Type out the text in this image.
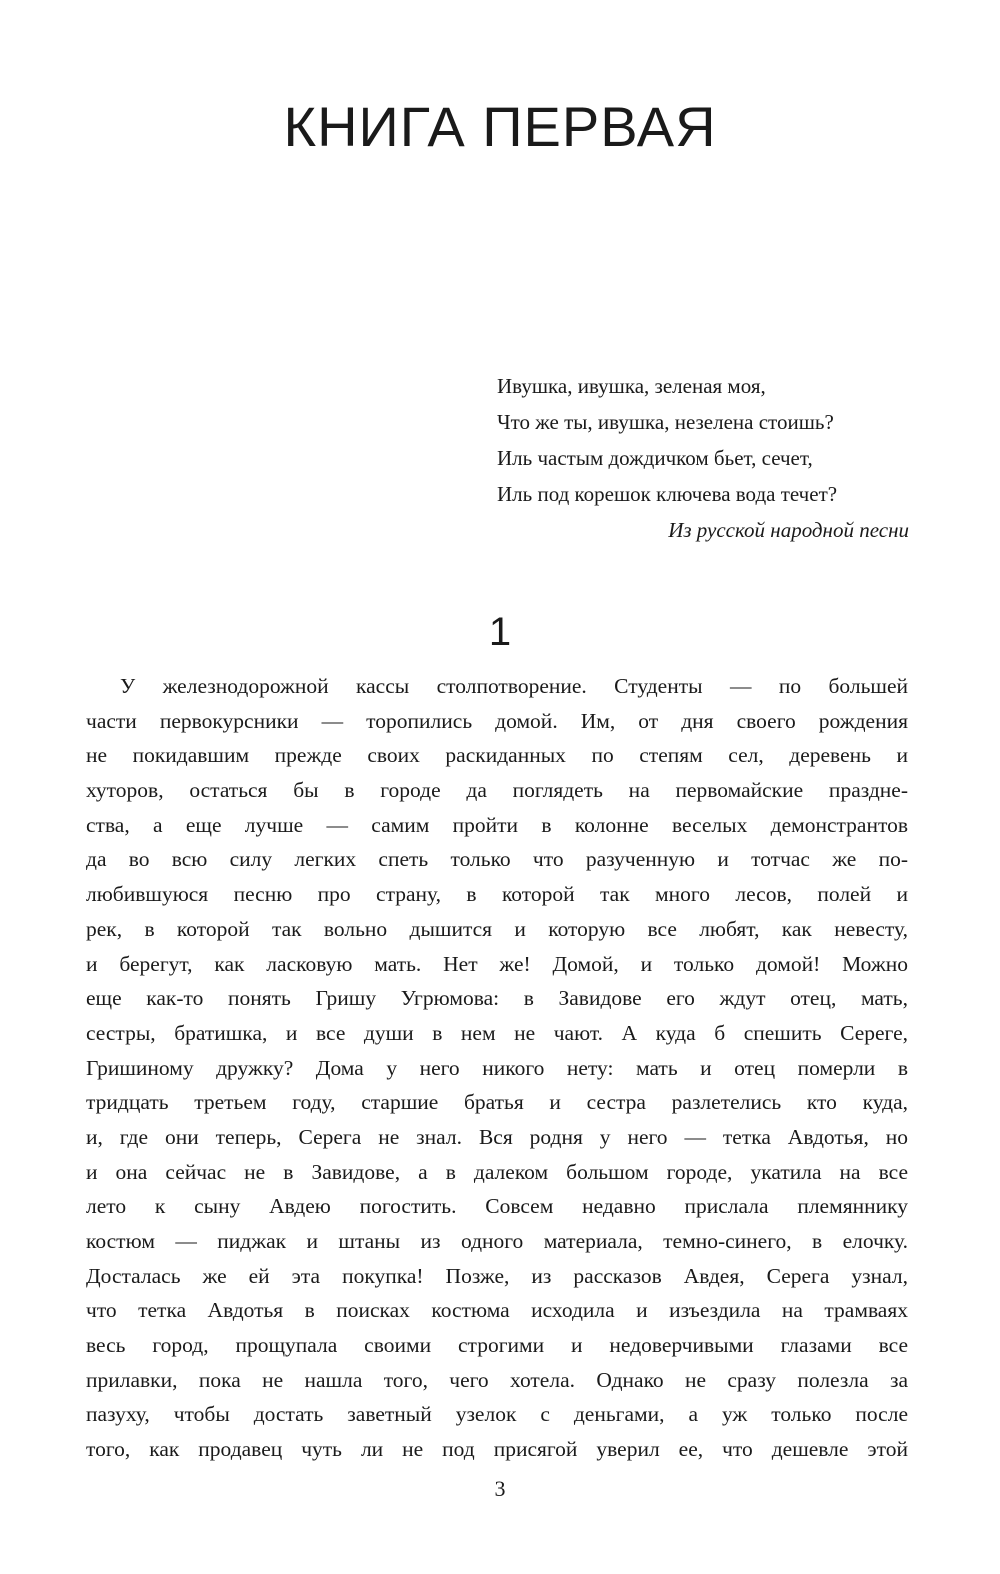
КНИГА ПЕРВАЯ
Ивушка, ивушка, зеленая моя,
Что же ты, ивушка, незелена стоишь?
Иль частым дождичком бьет, сечет,
Иль под корешок ключева вода течет?
Из русской народной песни
1
У железнодорожной кассы столпотворение. Студенты — по большей
части первокурсники — торопились домой. Им, от дня своего рождения
не покидавшим прежде своих раскиданных по степям сел, деревень и
хуторов, остаться бы в городе да поглядеть на первомайские праздне-
ства, а еще лучше — самим пройти в колонне веселых демонстрантов
да во всю силу легких спеть только что разученную и тотчас же по-
любившуюся песню про страну, в которой так много лесов, полей и
рек, в которой так вольно дышится и которую все любят, как невесту,
и берегут, как ласковую мать. Нет же! Домой, и только домой! Можно
еще как-то понять Гришу Угрюмова: в Завидове его ждут отец, мать,
сестры, братишка, и все души в нем не чают. А куда б спешить Сереге,
Гришиному дружку? Дома у него никого нету: мать и отец померли в
тридцать третьем году, старшие братья и сестра разлетелись кто куда,
и, где они теперь, Серега не знал. Вся родня у него — тетка Авдотья, но
и она сейчас не в Завидове, а в далеком большом городе, укатила на все
лето к сыну Авдею погостить. Совсем недавно прислала племяннику
костюм — пиджак и штаны из одного материала, темно-синего, в елочку.
Досталась же ей эта покупка! Позже, из рассказов Авдея, Серега узнал,
что тетка Авдотья в поисках костюма исходила и изъездила на трамваях
весь город, прощупала своими строгими и недоверчивыми глазами все
прилавки, пока не нашла того, чего хотела. Однако не сразу полезла за
пазуху, чтобы достать заветный узелок с деньгами, а уж только после
того, как продавец чуть ли не под присягой уверил ее, что дешевле этой
3
